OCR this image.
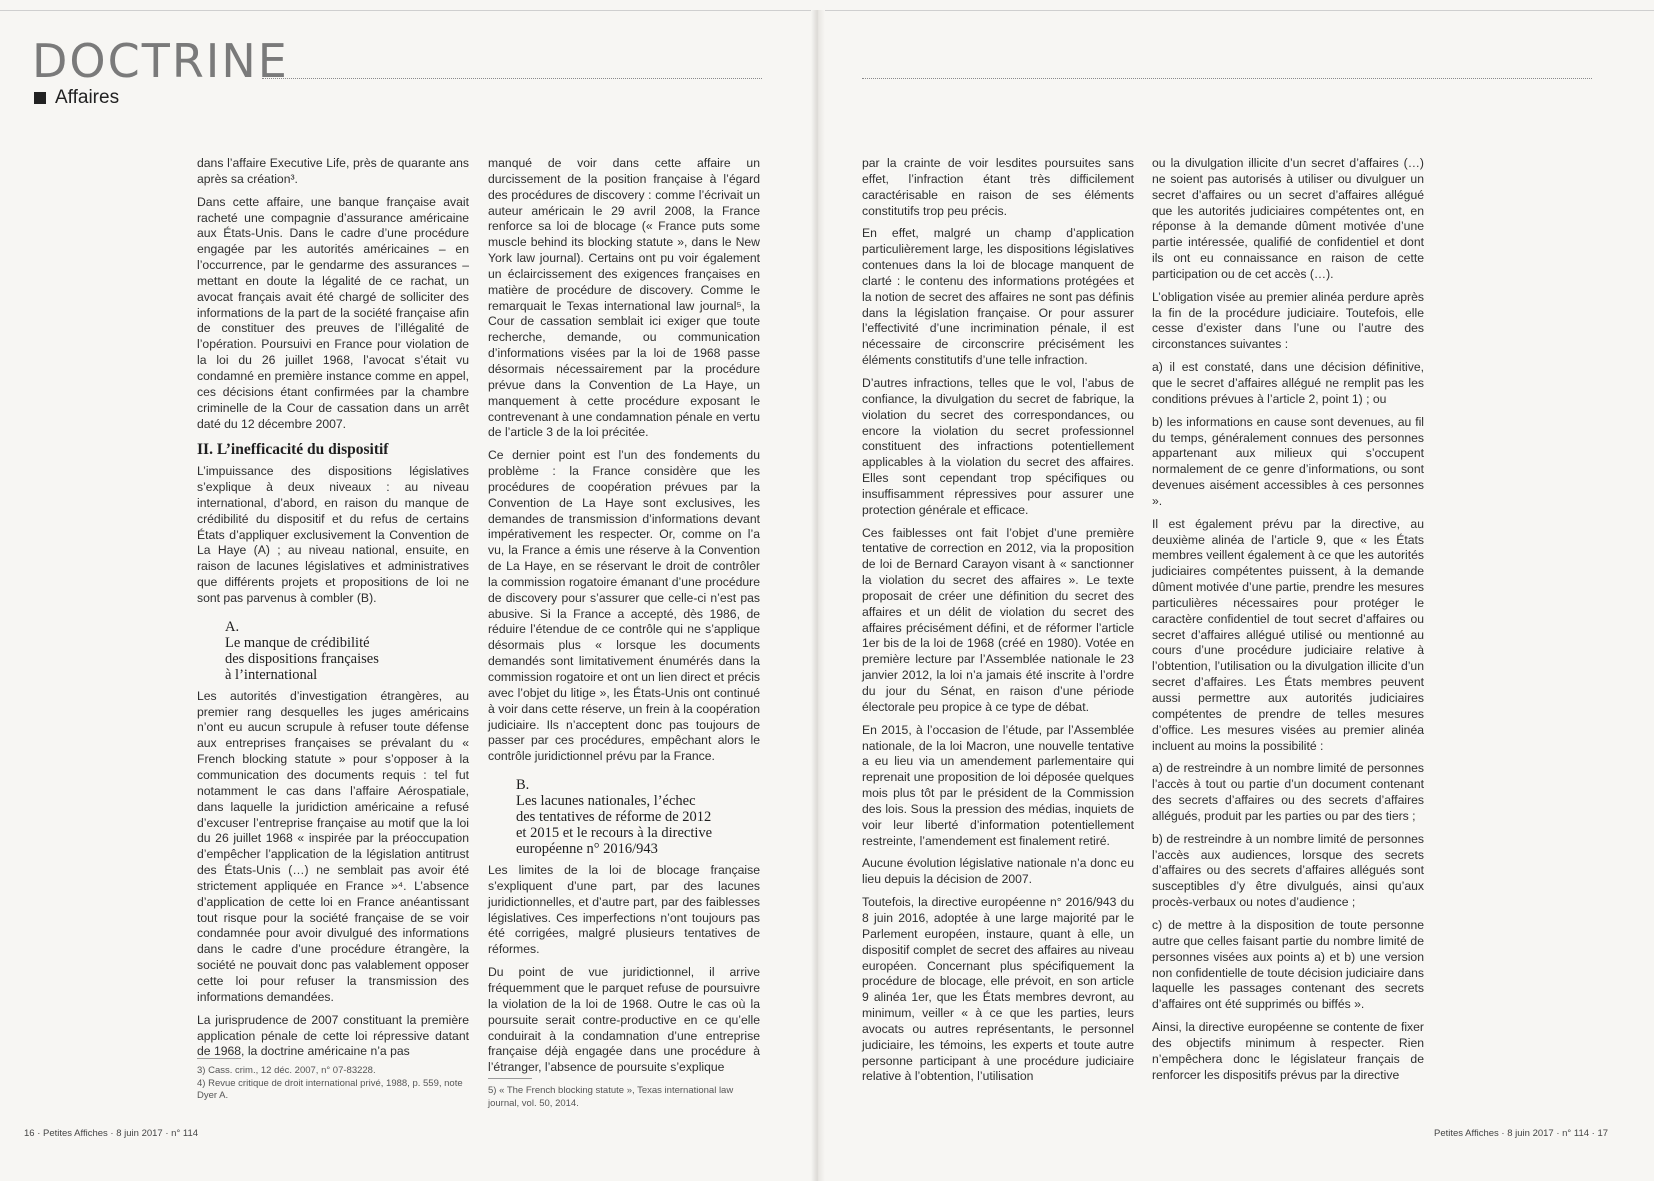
DOCTRINE
Affaires

dans l’affaire Executive Life, près de quarante ans après sa création³.

Dans cette affaire, une banque française avait racheté une compagnie d’assurance américaine aux États-Unis. Dans le cadre d’une procédure engagée par les autorités américaines – en l’occurrence, par le gendarme des assurances – mettant en doute la légalité de ce rachat, un avocat français avait été chargé de solliciter des informations de la part de la société française afin de constituer des preuves de l’illégalité de l’opération. Poursuivi en France pour violation de la loi du 26 juillet 1968, l’avocat s’était vu condamné en première instance comme en appel, ces décisions étant confirmées par la chambre criminelle de la Cour de cassation dans un arrêt daté du 12 décembre 2007.

II. L’inefficacité du dispositif

L’impuissance des dispositions législatives s’explique à deux niveaux : au niveau international, d’abord, en raison du manque de crédibilité du dispositif et du refus de certains États d’appliquer exclusivement la Convention de La Haye (A) ; au niveau national, ensuite, en raison de lacunes législatives et administratives que différents projets et propositions de loi ne sont pas parvenus à combler (B).

A.
Le manque de crédibilité
des dispositions françaises
à l’international

Les autorités d’investigation étrangères, au premier rang desquelles les juges américains n’ont eu aucun scrupule à refuser toute défense aux entreprises françaises se prévalant du « French blocking statute » pour s’opposer à la communication des documents requis : tel fut notamment le cas dans l’affaire Aérospatiale, dans laquelle la juridiction américaine a refusé d’excuser l’entreprise française au motif que la loi du 26 juillet 1968 « inspirée par la préoccupation d’empêcher l’application de la législation antitrust des États-Unis (…) ne semblait pas avoir été strictement appliquée en France »⁴. L’absence d’application de cette loi en France anéantissant tout risque pour la société française de se voir condamnée pour avoir divulgué des informations dans le cadre d’une procédure étrangère, la société ne pouvait donc pas valablement opposer cette loi pour refuser la transmission des informations demandées.

La jurisprudence de 2007 constituant la première application pénale de cette loi répressive datant de 1968, la doctrine américaine n’a pas

manqué de voir dans cette affaire un durcissement de la position française à l’égard des procédures de discovery : comme l’écrivait un auteur américain le 29 avril 2008, la France renforce sa loi de blocage (« France puts some muscle behind its blocking statute », dans le New York law journal). Certains ont pu voir également un éclaircissement des exigences françaises en matière de procédure de discovery. Comme le remarquait le Texas international law journal⁵, la Cour de cassation semblait ici exiger que toute recherche, demande, ou communication d’informations visées par la loi de 1968 passe désormais nécessairement par la procédure prévue dans la Convention de La Haye, un manquement à cette procédure exposant le contrevenant à une condamnation pénale en vertu de l’article 3 de la loi précitée.

Ce dernier point est l’un des fondements du problème : la France considère que les procédures de coopération prévues par la Convention de La Haye sont exclusives, les demandes de transmission d’informations devant impérativement les respecter. Or, comme on l’a vu, la France a émis une réserve à la Convention de La Haye, en se réservant le droit de contrôler la commission rogatoire émanant d’une procédure de discovery pour s’assurer que celle-ci n’est pas abusive. Si la France a accepté, dès 1986, de réduire l’étendue de ce contrôle qui ne s’applique désormais plus « lorsque les documents demandés sont limitativement énumérés dans la commission rogatoire et ont un lien direct et précis avec l’objet du litige », les États-Unis ont continué à voir dans cette réserve, un frein à la coopération judiciaire. Ils n’acceptent donc pas toujours de passer par ces procédures, empêchant alors le contrôle juridictionnel prévu par la France.

B.
Les lacunes nationales, l’échec
des tentatives de réforme de 2012
et 2015 et le recours à la directive
européenne n° 2016/943

Les limites de la loi de blocage française s’expliquent d’une part, par des lacunes juridictionnelles, et d’autre part, par des faiblesses législatives. Ces imperfections n’ont toujours pas été corrigées, malgré plusieurs tentatives de réformes.

Du point de vue juridictionnel, il arrive fréquemment que le parquet refuse de poursuivre la violation de la loi de 1968. Outre le cas où la poursuite serait contre-productive en ce qu’elle conduirait à la condamnation d’une entreprise française déjà engagée dans une procédure à l’étranger, l’absence de poursuite s’explique

par la crainte de voir lesdites poursuites sans effet, l’infraction étant très difficilement caractérisable en raison de ses éléments constitutifs trop peu précis.

En effet, malgré un champ d’application particulièrement large, les dispositions législatives contenues dans la loi de blocage manquent de clarté : le contenu des informations protégées et la notion de secret des affaires ne sont pas définis dans la législation française. Or pour assurer l’effectivité d’une incrimination pénale, il est nécessaire de circonscrire précisément les éléments constitutifs d’une telle infraction.

D’autres infractions, telles que le vol, l’abus de confiance, la divulgation du secret de fabrique, la violation du secret des correspondances, ou encore la violation du secret professionnel constituent des infractions potentiellement applicables à la violation du secret des affaires. Elles sont cependant trop spécifiques ou insuffisamment répressives pour assurer une protection générale et efficace.

Ces faiblesses ont fait l’objet d’une première tentative de correction en 2012, via la proposition de loi de Bernard Carayon visant à « sanctionner la violation du secret des affaires ». Le texte proposait de créer une définition du secret des affaires et un délit de violation du secret des affaires précisément défini, et de réformer l’article 1er bis de la loi de 1968 (créé en 1980). Votée en première lecture par l’Assemblée nationale le 23 janvier 2012, la loi n’a jamais été inscrite à l’ordre du jour du Sénat, en raison d’une période électorale peu propice à ce type de débat.

En 2015, à l’occasion de l’étude, par l’Assemblée nationale, de la loi Macron, une nouvelle tentative a eu lieu via un amendement parlementaire qui reprenait une proposition de loi déposée quelques mois plus tôt par le président de la Commission des lois. Sous la pression des médias, inquiets de voir leur liberté d’information potentiellement restreinte, l’amendement est finalement retiré.

Aucune évolution législative nationale n’a donc eu lieu depuis la décision de 2007.

Toutefois, la directive européenne n° 2016/943 du 8 juin 2016, adoptée à une large majorité par le Parlement européen, instaure, quant à elle, un dispositif complet de secret des affaires au niveau européen. Concernant plus spécifiquement la procédure de blocage, elle prévoit, en son article 9 alinéa 1er, que les États membres devront, au minimum, veiller « à ce que les parties, leurs avocats ou autres représentants, le personnel judiciaire, les témoins, les experts et toute autre personne participant à une procédure judiciaire relative à l’obtention, l’utilisation

ou la divulgation illicite d’un secret d’affaires (…) ne soient pas autorisés à utiliser ou divulguer un secret d’affaires ou un secret d’affaires allégué que les autorités judiciaires compétentes ont, en réponse à la demande dûment motivée d’une partie intéressée, qualifié de confidentiel et dont ils ont eu connaissance en raison de cette participation ou de cet accès (…).

L’obligation visée au premier alinéa perdure après la fin de la procédure judiciaire. Toutefois, elle cesse d’exister dans l’une ou l’autre des circonstances suivantes :

a) il est constaté, dans une décision définitive, que le secret d’affaires allégué ne remplit pas les conditions prévues à l’article 2, point 1) ; ou

b) les informations en cause sont devenues, au fil du temps, généralement connues des personnes appartenant aux milieux qui s’occupent normalement de ce genre d’informations, ou sont devenues aisément accessibles à ces personnes ».

Il est également prévu par la directive, au deuxième alinéa de l’article 9, que « les États membres veillent également à ce que les autorités judiciaires compétentes puissent, à la demande dûment motivée d’une partie, prendre les mesures particulières nécessaires pour protéger le caractère confidentiel de tout secret d’affaires ou secret d’affaires allégué utilisé ou mentionné au cours d’une procédure judiciaire relative à l’obtention, l’utilisation ou la divulgation illicite d’un secret d’affaires. Les États membres peuvent aussi permettre aux autorités judiciaires compétentes de prendre de telles mesures d’office. Les mesures visées au premier alinéa incluent au moins la possibilité :

a) de restreindre à un nombre limité de personnes l’accès à tout ou partie d’un document contenant des secrets d’affaires ou des secrets d’affaires allégués, produit par les parties ou par des tiers ;

b) de restreindre à un nombre limité de personnes l’accès aux audiences, lorsque des secrets d’affaires ou des secrets d’affaires allégués sont susceptibles d’y être divulgués, ainsi qu’aux procès-verbaux ou notes d’audience ;

c) de mettre à la disposition de toute personne autre que celles faisant partie du nombre limité de personnes visées aux points a) et b) une version non confidentielle de toute décision judiciaire dans laquelle les passages contenant des secrets d’affaires ont été supprimés ou biffés ».

Ainsi, la directive européenne se contente de fixer des objectifs minimum à respecter. Rien n’empêchera donc le législateur français de renforcer les dispositifs prévus par la directive

3) Cass. crim., 12 déc. 2007, n° 07-83228.
4) Revue critique de droit international privé, 1988, p. 559, note Dyer A.	5) « The French blocking statute », Texas international law journal, vol. 50, 2014.
16 · Petites Affiches · 8 juin 2017 · n° 114	Petites Affiches · 8 juin 2017 · n° 114 · 17
